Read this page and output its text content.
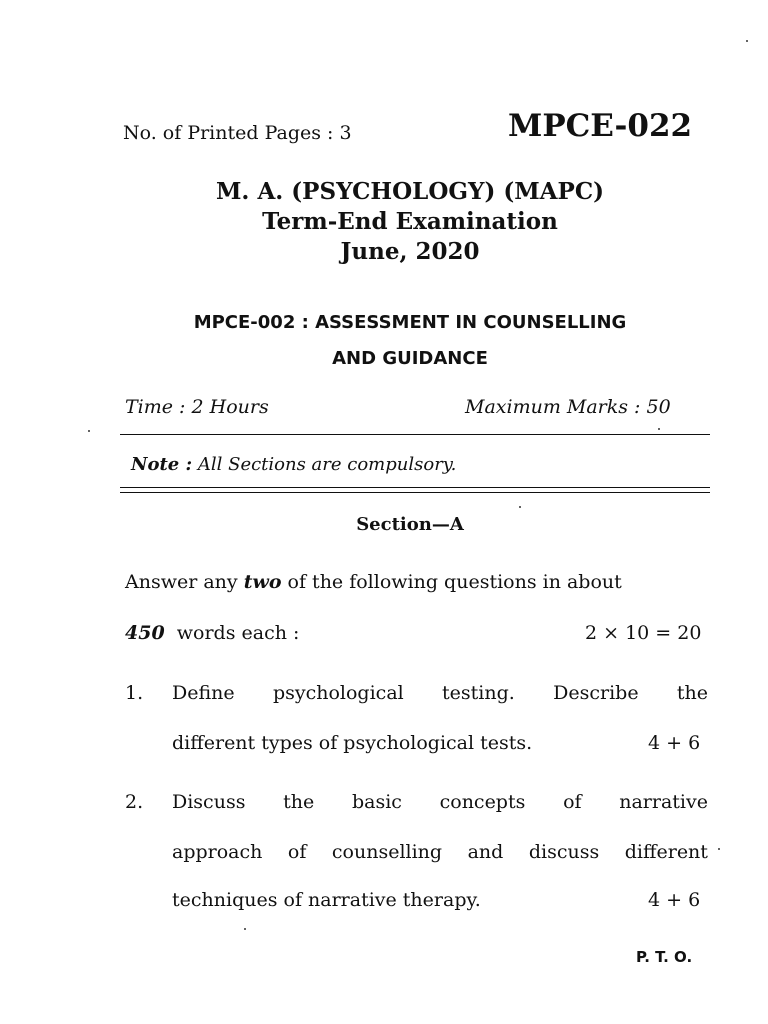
No. of Printed Pages : 3	MPCE-022
M. A. (PSYCHOLOGY) (MAPC)
Term-End Examination
June, 2020
MPCE-002 : ASSESSMENT IN COUNSELLING
AND GUIDANCE
Time : 2 Hours	Maximum Marks : 50
Note : All Sections are compulsory.
Section—A
Answer any two of the following questions in about
450 words each :	2 × 10 = 20
1. Define psychological testing. Describe the
different types of psychological tests.	4 + 6
2. Discuss the basic concepts of narrative
approach of counselling and discuss different
techniques of narrative therapy.	4 + 6
P. T. O.
